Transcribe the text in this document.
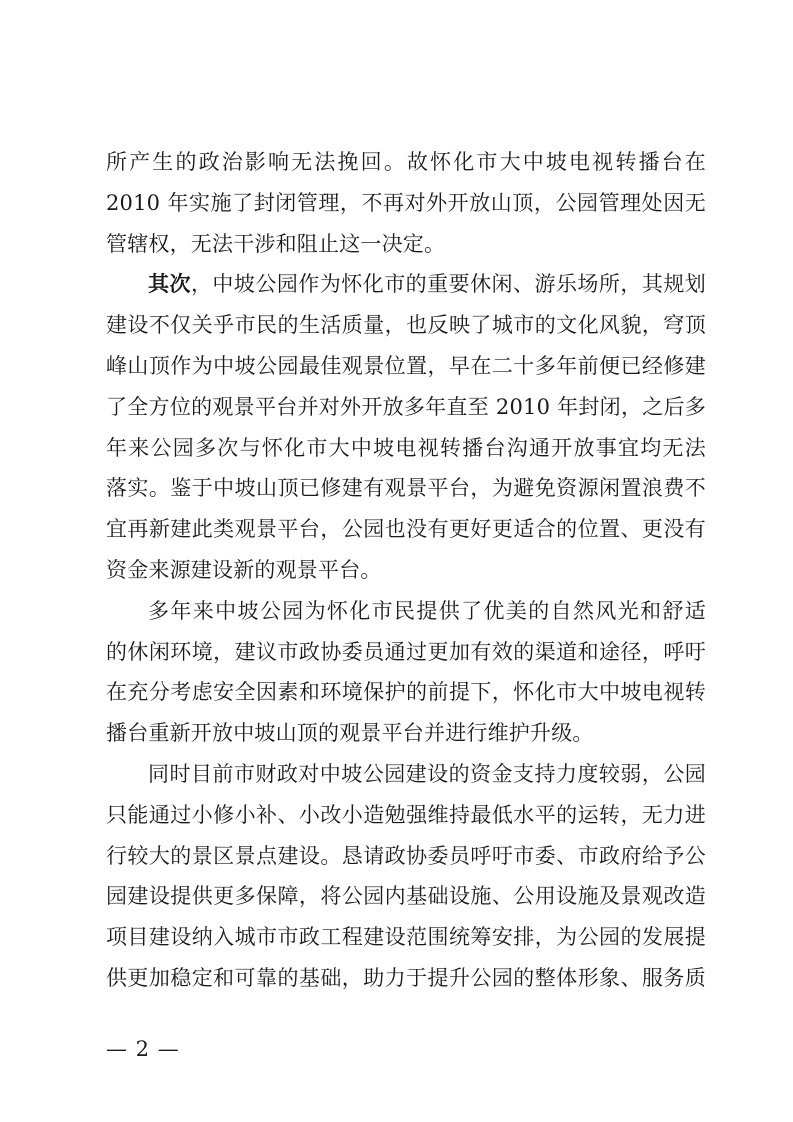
所产生的政治影响无法挽回。故怀化市大中坡电视转播台在
2010 年实施了封闭管理，不再对外开放山顶，公园管理处因无
管辖权，无法干涉和阻止这一决定。
其次，中坡公园作为怀化市的重要休闲、游乐场所，其规划
建设不仅关乎市民的生活质量，也反映了城市的文化风貌，穹顶
峰山顶作为中坡公园最佳观景位置，早在二十多年前便已经修建
了全方位的观景平台并对外开放多年直至 2010 年封闭，之后多
年来公园多次与怀化市大中坡电视转播台沟通开放事宜均无法
落实。鉴于中坡山顶已修建有观景平台，为避免资源闲置浪费不
宜再新建此类观景平台，公园也没有更好更适合的位置、更没有
资金来源建设新的观景平台。
多年来中坡公园为怀化市民提供了优美的自然风光和舒适
的休闲环境，建议市政协委员通过更加有效的渠道和途径，呼吁
在充分考虑安全因素和环境保护的前提下，怀化市大中坡电视转
播台重新开放中坡山顶的观景平台并进行维护升级。
同时目前市财政对中坡公园建设的资金支持力度较弱，公园
只能通过小修小补、小改小造勉强维持最低水平的运转，无力进
行较大的景区景点建设。恳请政协委员呼吁市委、市政府给予公
园建设提供更多保障，将公园内基础设施、公用设施及景观改造
项目建设纳入城市市政工程建设范围统筹安排，为公园的发展提
供更加稳定和可靠的基础，助力于提升公园的整体形象、服务质
— 2 —
